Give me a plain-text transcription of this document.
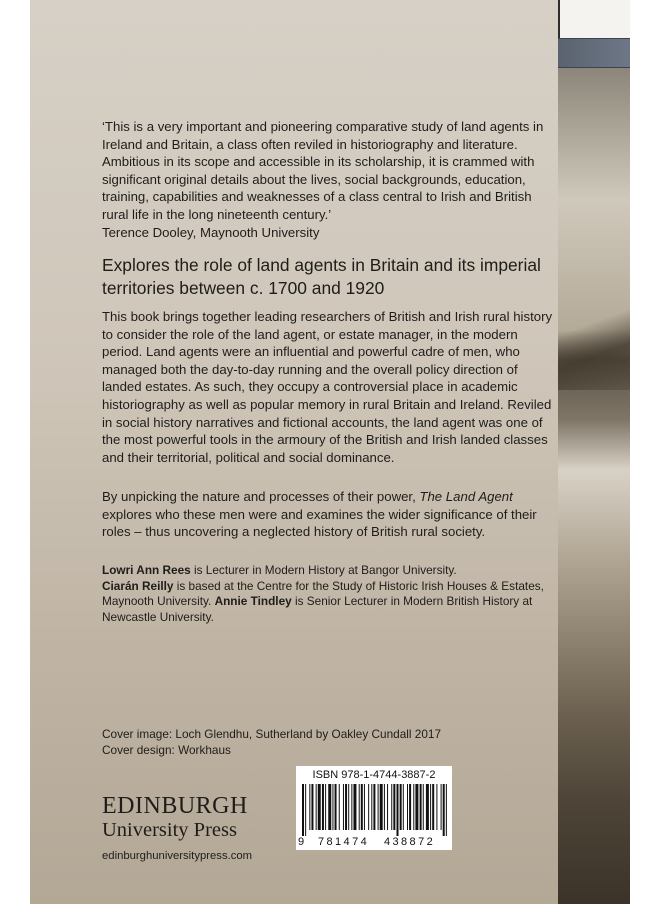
‘This is a very important and pioneering comparative study of land agents in Ireland and Britain, a class often reviled in historiography and literature. Ambitious in its scope and accessible in its scholarship, it is crammed with significant original details about the lives, social backgrounds, education, training, capabilities and weaknesses of a class central to Irish and British rural life in the long nineteenth century.’

Terence Dooley, Maynooth University

Explores the role of land agents in Britain and its imperial territories between c. 1700 and 1920

This book brings together leading researchers of British and Irish rural history to consider the role of the land agent, or estate manager, in the modern period. Land agents were an influential and powerful cadre of men, who managed both the day-to-day running and the overall policy direction of landed estates. As such, they occupy a controversial place in academic historiography as well as popular memory in rural Britain and Ireland. Reviled in social history narratives and fictional accounts, the land agent was one of the most powerful tools in the armoury of the British and Irish landed classes and their territorial, political and social dominance.

By unpicking the nature and processes of their power, The Land Agent explores who these men were and examines the wider significance of their roles – thus uncovering a neglected history of British rural society.

Lowri Ann Rees is Lecturer in Modern History at Bangor University.
Ciarán Reilly is based at the Centre for the Study of Historic Irish Houses & Estates, Maynooth University. Annie Tindley is Senior Lecturer in Modern British History at Newcastle University.

Cover image: Loch Glendhu, Sutherland by Oakley Cundall 2017
Cover design: Workhaus
EDINBURGH
University Press
edinburghuniversitypress.com
ISBN 978-1-4744-3887-2
9 781474 438872
